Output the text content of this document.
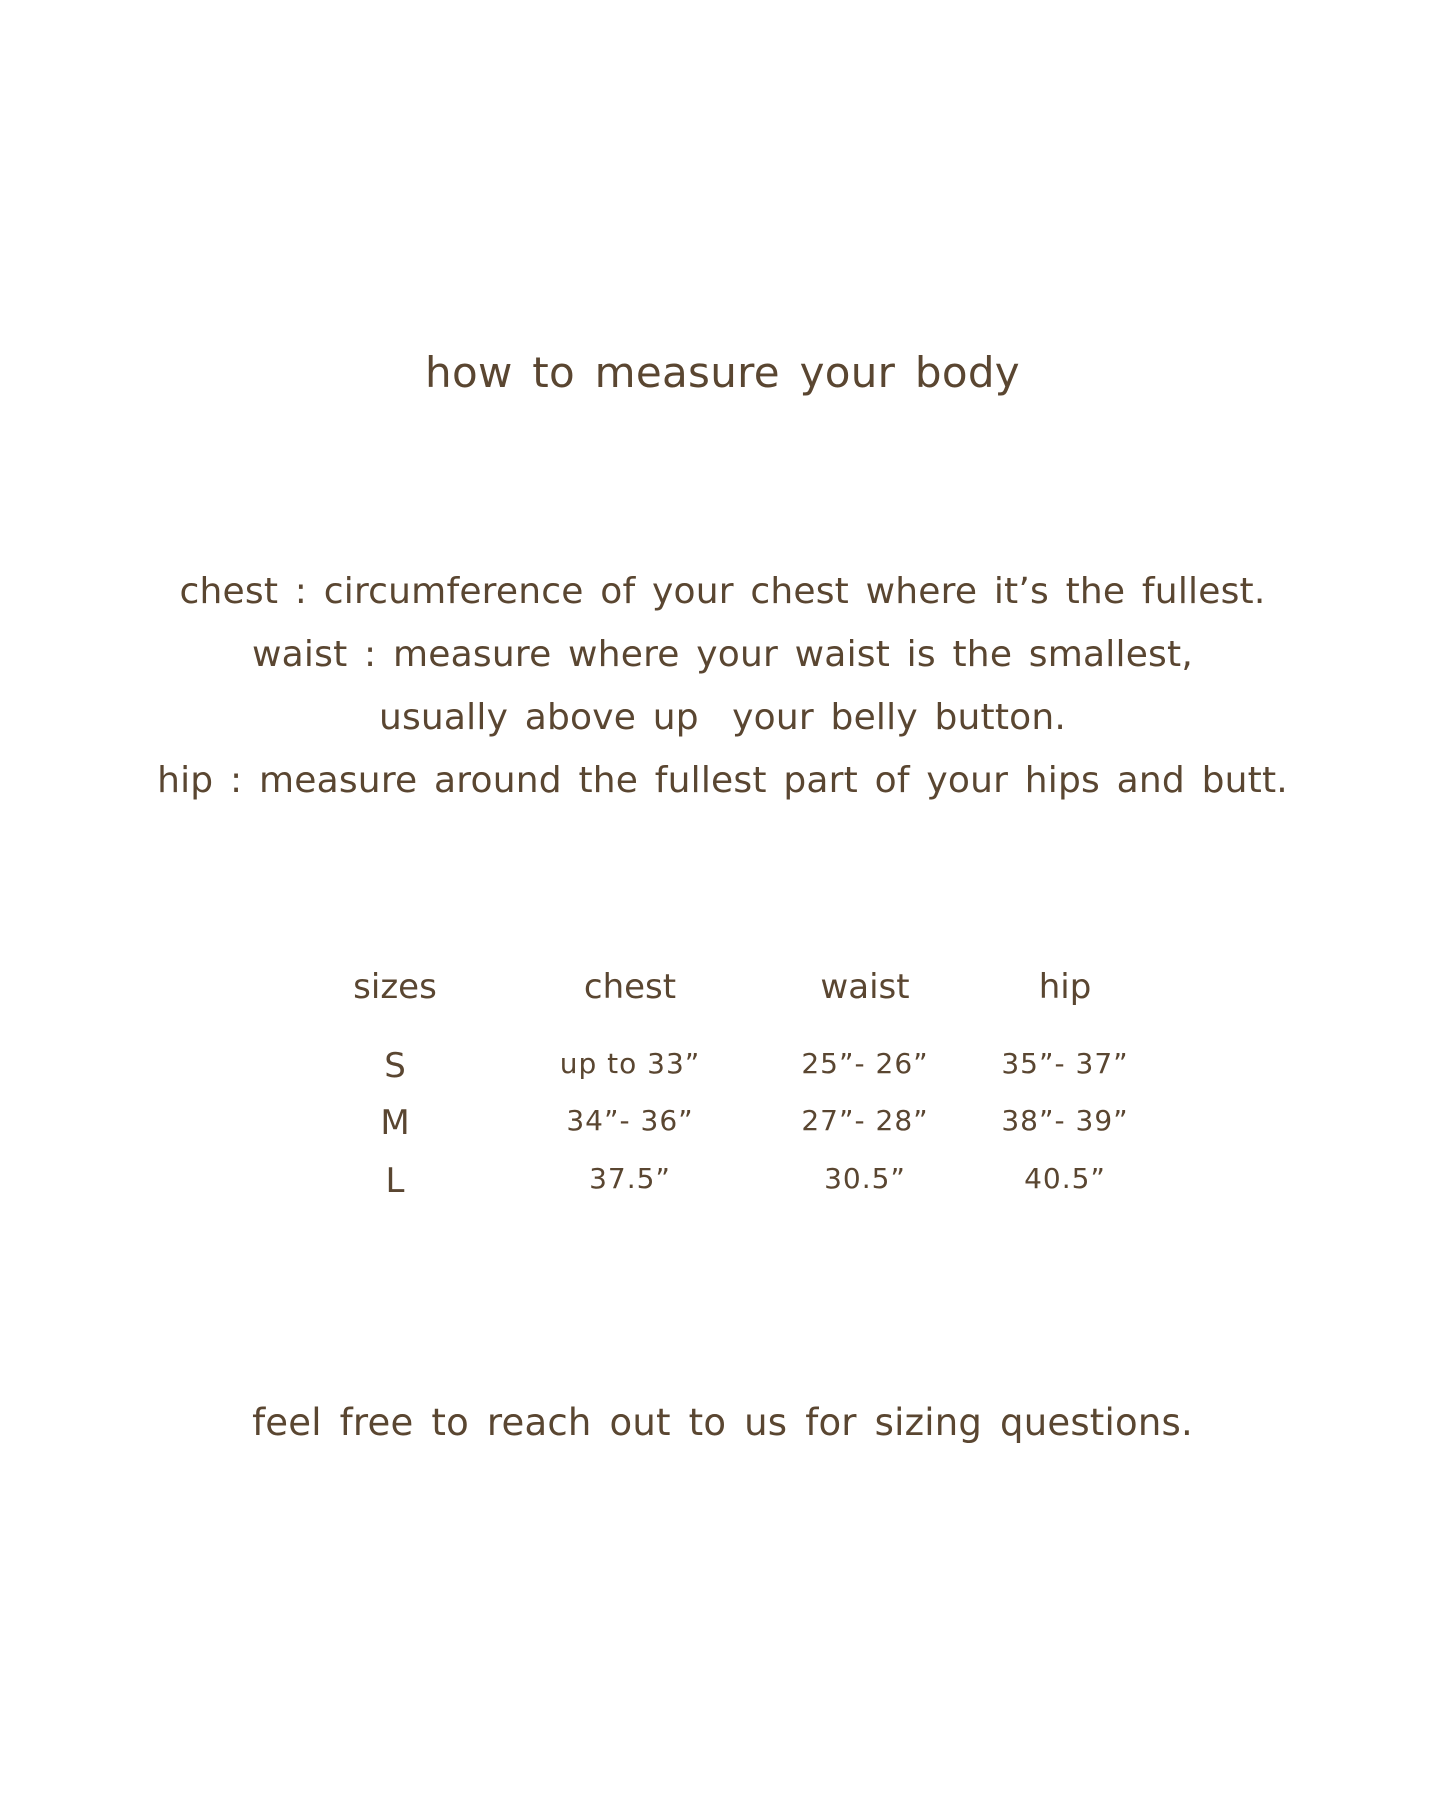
how to measure your body
chest : circumference of your chest where it’s the fullest.
waist : measure where your waist is the smallest,
usually above up  your belly button.
hip : measure around the fullest part of your hips and butt.
sizes	chest	waist	hip
S	up to 33”	25”- 26”	35”- 37”
M	34”- 36”	27”- 28”	38”- 39”
L	37.5”	30.5”	40.5”
feel free to reach out to us for sizing questions.
